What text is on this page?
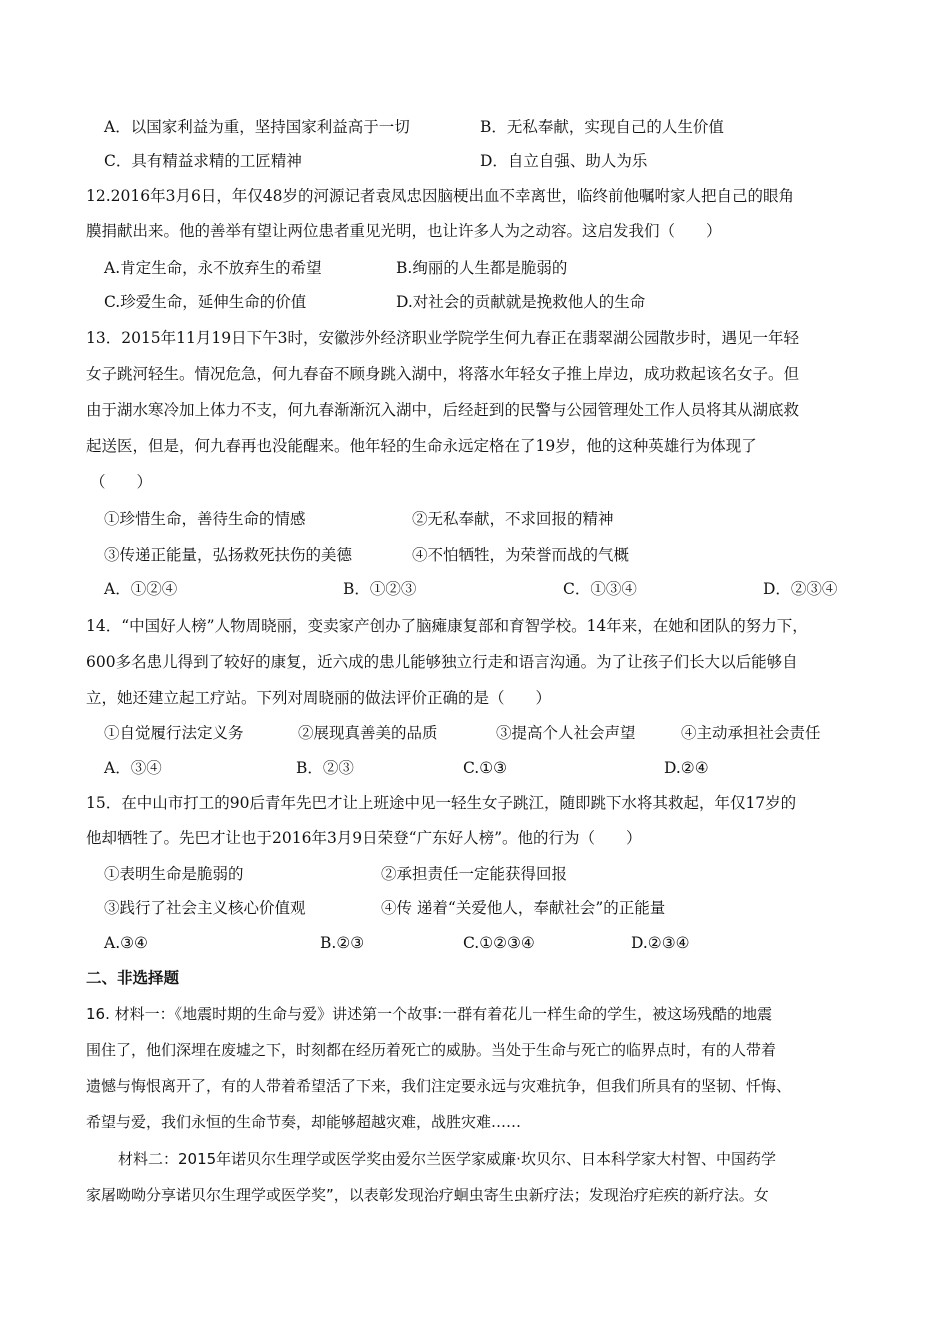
A．以国家利益为重，坚持国家利益高于一切	B．无私奉献，实现自己的人生价值
C．具有精益求精的工匠精神	D．自立自强、助人为乐
12.2016年3月6日，年仅48岁的河源记者袁凤忠因脑梗出血不幸离世，临终前他嘱咐家人把自己的眼角
膜捐献出来。他的善举有望让两位患者重见光明，也让许多人为之动容。这启发我们（　　）
A.肯定生命，永不放弃生的希望	B.绚丽的人生都是脆弱的
C.珍爱生命，延伸生命的价值	D.对社会的贡献就是挽救他人的生命
13．2015年11月19日下午3时，安徽涉外经济职业学院学生何九春正在翡翠湖公园散步时，遇见一年轻
女子跳河轻生。情况危急，何九春奋不顾身跳入湖中，将落水年轻女子推上岸边，成功救起该名女子。但
由于湖水寒冷加上体力不支，何九春渐渐沉入湖中，后经赶到的民警与公园管理处工作人员将其从湖底救
起送医，但是，何九春再也没能醒来。他年轻的生命永远定格在了19岁，他的这种英雄行为体现了
（　　）
①珍惜生命，善待生命的情感	②无私奉献，不求回报的精神
③传递正能量，弘扬救死扶伤的美德	④不怕牺牲，为荣誉而战的气概
A．①②④	B．①②③	C．①③④	D．②③④
14．“中国好人榜”人物周晓丽，变卖家产创办了脑瘫康复部和育智学校。14年来，在她和团队的努力下，
600多名患儿得到了较好的康复，近六成的患儿能够独立行走和语言沟通。为了让孩子们长大以后能够自
立，她还建立起工疗站。下列对周晓丽的做法评价正确的是（　　）
①自觉履行法定义务	②展现真善美的品质	③提高个人社会声望	④主动承担社会责任
A．③④	B．②③	C.①③	D.②④
15．在中山市打工的90后青年先巴才让上班途中见一轻生女子跳江，随即跳下水将其救起，年仅17岁的
他却牺牲了。先巴才让也于2016年3月9日荣登“广东好人榜”。他的行为（　　）
①表明生命是脆弱的	②承担责任一定能获得回报
③践行了社会主义核心价值观	④传 递着“关爱他人，奉献社会”的正能量
A.③④	B.②③	C.①②③④	D.②③④
二、非选择题
16. 材料一：《地震时期的生命与爱》讲述第一个故事:一群有着花儿一样生命的学生，被这场残酷的地震
围住了，他们深埋在废墟之下，时刻都在经历着死亡的威胁。当处于生命与死亡的临界点时，有的人带着
遗憾与悔恨离开了，有的人带着希望活了下来，我们注定要永远与灾难抗争，但我们所具有的坚韧、忏悔、
希望与爱，我们永恒的生命节奏，却能够超越灾难，战胜灾难……
材料二：2015年诺贝尔生理学或医学奖由爱尔兰医学家威廉·坎贝尔、日本科学家大村智、中国药学
家屠呦呦分享诺贝尔生理学或医学奖”，以表彰发现治疗蛔虫寄生虫新疗法；发现治疗疟疾的新疗法。女
